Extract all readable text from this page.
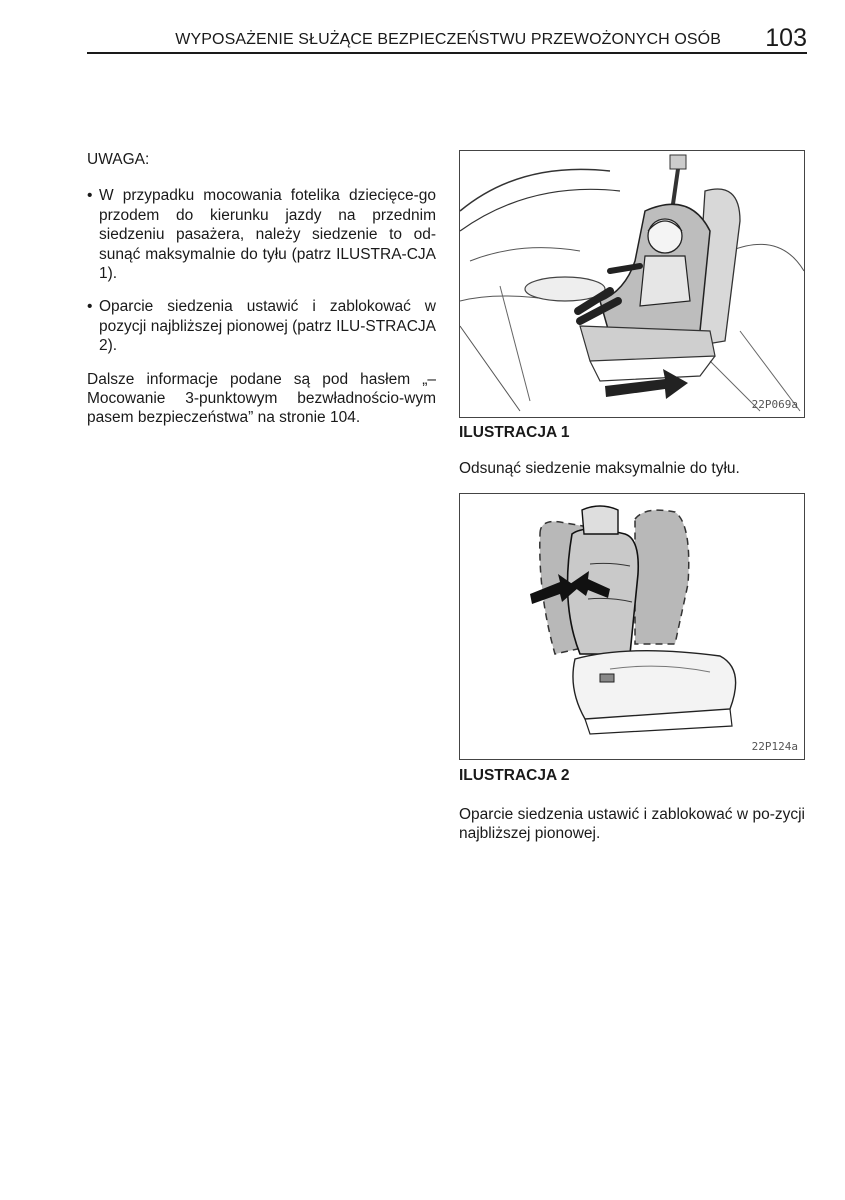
WYPOSAŻENIE SŁUŻĄCE BEZPIECZEŃSTWU PRZEWOŻONYCH OSÓB 103

UWAGA:

• W przypadku mocowania fotelika dziecięce-go przodem do kierunku jazdy na przednim siedzeniu pasażera, należy siedzenie to od-sunąć maksymalnie do tyłu (patrz ILUSTRA-CJA 1).

• Oparcie siedzenia ustawić i zablokować w pozycji najbliższej pionowej (patrz ILU-STRACJA 2).

Dalsze informacje podane są pod hasłem „–Mocowanie 3-punktowym bezwładnościo-wym pasem bezpieczeństwa” na stronie 104.

22P069a

ILUSTRACJA 1

Odsunąć siedzenie maksymalnie do tyłu.

22P124a

ILUSTRACJA 2

Oparcie siedzenia ustawić i zablokować w po-zycji najbliższej pionowej.
